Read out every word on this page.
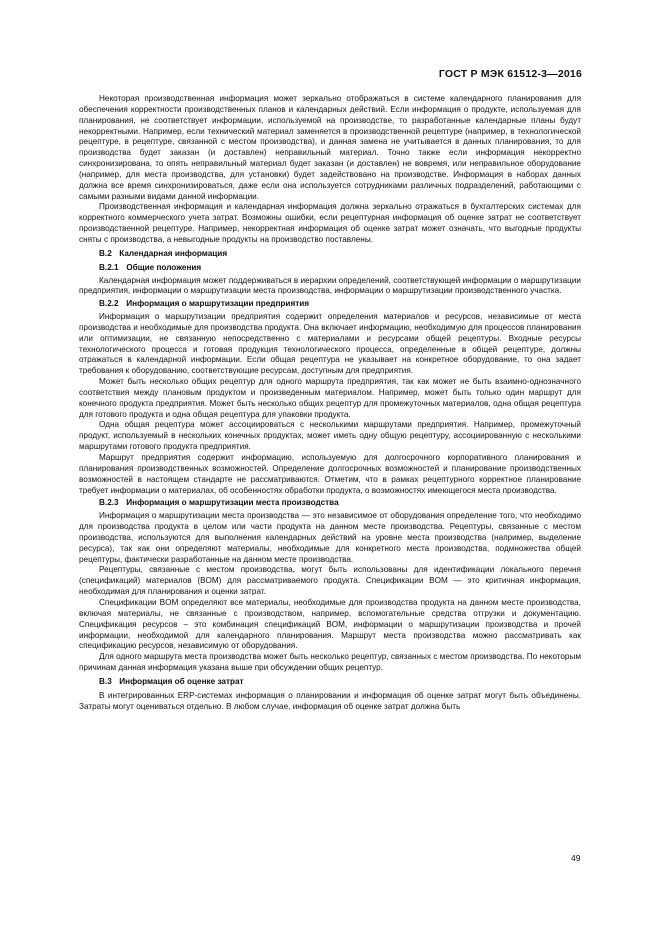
ГОСТ Р МЭК 61512-3—2016

Некоторая производственная информация может зеркально отображаться в системе календарного планирования для обеспечения корректности производственных планов и календарных действий. Если информация о продукте, используемая для планирования, не соответствует информации, используемой на производстве, то разработанные календарные планы будут некорректными. Например, если технический материал заменяется в производственной рецептуре (например, в технологической рецептуре, в рецептуре, связанной с местом производства), и данная замена не учитывается в данных планирования, то для производства будет заказан (и доставлен) неправильный материал. Точно также если информация некорректно синхронизирована, то опять неправильный материал будет заказан (и доставлен) не вовремя, или неправильное оборудование (например, для места производства, для установки) будет задействовано на производстве. Информация в наборах данных должна все время синхронизироваться, даже если она используется сотрудниками различных подразделений, работающими с самыми разными видами данной информации.

Производственная информация и календарная информация должна зеркально отражаться в бухгалтерских системах для корректного коммерческого учета затрат. Возможны ошибки, если рецептурная информация об оценке затрат не соответствует производственной рецептуре. Например, некорректная информация об оценке затрат может означать, что выгодные продукты сняты с производства, а невыгодные продукты на производство поставлены.

B.2 Календарная информация

B.2.1 Общие положения

Календарная информация может поддерживаться в иерархии определений, соответствующей информации о маршрутизации предприятия, информации о маршрутизации места производства, информации о маршрутизации производственного участка.

B.2.2 Информация о маршрутизации предприятия

Информация о маршрутизации предприятия содержит определения материалов и ресурсов, независимые от места производства и необходимые для производства продукта. Она включает информацию, необходимую для процессов планирования или оптимизации, не связанную непосредственно с материалами и ресурсами общей рецептуры. Входные ресурсы технологического процесса и готовая продукция технологического процесса, определенные в общей рецептуре, должны отражаться в календарной информации. Если общая рецептура не указывает на конкретное оборудование, то она задает требования к оборудованию, соответствующие ресурсам, доступным для предприятия.

Может быть несколько общих рецептур для одного маршрута предприятия, так как может не быть взаимно-однозначного соответствия между плановым продуктом и произведенным материалом. Например, может быть только один маршрут для конечного продукта предприятия. Может быть несколько общих рецептур для промежуточных материалов, одна общая рецептура для готового продукта и одна общая рецептура для упаковки продукта.

Одна общая рецептура может ассоциироваться с несколькими маршрутами предприятия. Например, промежуточный продукт, используемый в нескольких конечных продуктах, может иметь одну общую рецептуру, ассоциированную с несколькими маршрутами готового продукта предприятия.

Маршрут предприятия содержит информацию, используемую для долгосрочного корпоративного планирования и планирования производственных возможностей. Определение долгосрочных возможностей и планирование производственных возможностей в настоящем стандарте не рассматриваются. Отметим, что в рамках рецептурного корректное планирование требует информации о материалах, об особенностях обработки продукта, о возможностях имеющегося места производства.

B.2.3 Информация о маршрутизации места производства

Информация о маршрутизации места производства — это независимое от оборудования определение того, что необходимо для производства продукта в целом или части продукта на данном месте производства. Рецептуры, связанные с местом производства, используются для выполнения календарных действий на уровне места производства (например, выделение ресурса), так как они определяют материалы, необходимые для конкретного места производства, подмножества общей рецептуры, фактически разработанные на данном месте производства.

Рецептуры, связанные с местом производства, могут быть использованы для идентификации локального перечня (спецификаций) материалов (BOM) для рассматриваемого продукта. Спецификации BOM — это критичная информация, необходимая для планирования и оценки затрат.

Спецификации BOM определяют все материалы, необходимые для производства продукта на данном месте производства, включая материалы, не связанные с производством, например, вспомогательные средства отгрузки и документацию. Спецификация ресурсов – это комбинация спецификаций BOM, информации о маршрутизации производства и прочей информации, необходимой для календарного планирования. Маршрут места производства можно рассматривать как спецификацию ресурсов, независимую от оборудования.

Для одного маршрута места производства может быть несколько рецептур, связанных с местом производства. По некоторым причинам данная информация указана выше при обсуждении общих рецептур.

B.3 Информация об оценке затрат

В интегрированных ERP-системах информация о планировании и информация об оценке затрат могут быть объединены. Затраты могут оцениваться отдельно. В любом случае, информация об оценке затрат должна быть

49
